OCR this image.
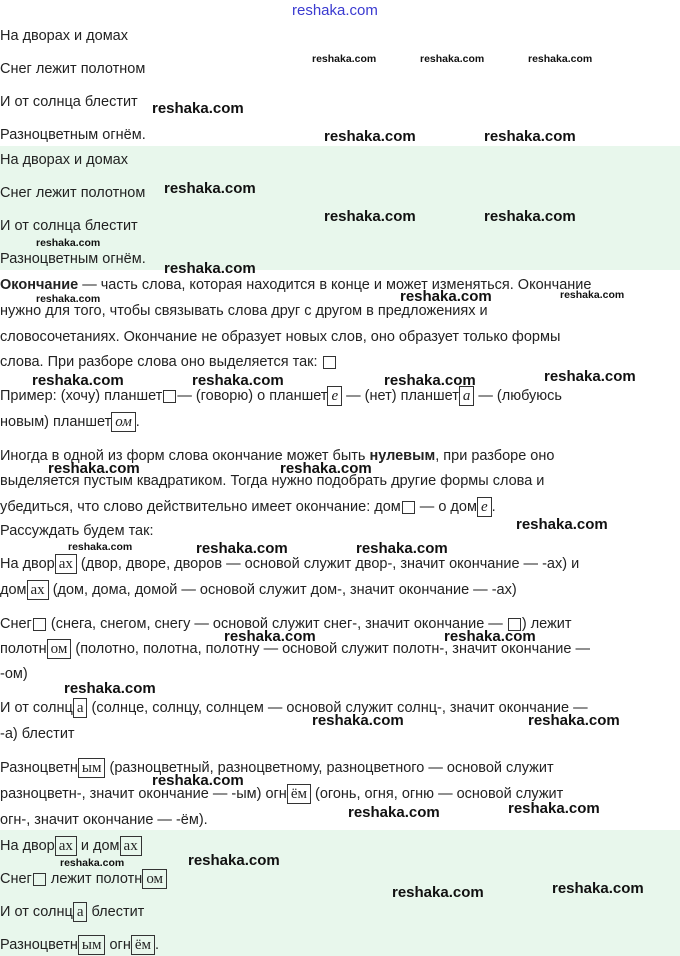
reshaka.com
На дворах и домах
Снег лежит полотном
И от солнца блестит
Разноцветным огнём.
На дворах и домах
Снег лежит полотном
И от солнца блестит
Разноцветным огнём.
Окончание — часть слова, которая находится в конце и может изменяться. Окончание
нужно для того, чтобы связывать слова друг с другом в предложениях и
словосочетаниях. Окончание не образует новых слов, оно образует только формы
слова. При разборе слова оно выделяется так:
Пример: (хочу) планшет — (говорю) о планшет е — (нет) планшет а — (любуюсь
новым) планшет ом .
Иногда в одной из форм слова окончание может быть нулевым, при разборе оно
выделяется пустым квадратиком. Тогда нужно подобрать другие формы слова и
убедиться, что слово действительно имеет окончание: дом — о дом е .
Рассуждать будем так:
На двор ах (двор, дворе, дворов — основой служит двор-, значит окончание — -ах) и
дом ах (дом, дома, домой — основой служит дом-, значит окончание — -ах)
Снег (снега, снегом, снегу — основой служит снег-, значит окончание — ) лежит
полотн ом (полотно, полотна, полотну — основой служит полотн-, значит окончание —
-ом)
И от солнц а (солнце, солнцу, солнцем — основой служит солнц-, значит окончание —
-а) блестит
Разноцветн ым (разноцветный, разноцветному, разноцветного — основой служит
разноцветн-, значит окончание — -ым) огн ём (огонь, огня, огню — основой служит
огн-, значит окончание — -ём).
На двор ах и дом ах
Снег лежит полотн ом
И от солнц а блестит
Разноцветн ым огн ём .
reshaka.com	reshaka.com	reshaka.com
reshaka.com
reshaka.com	reshaka.com
reshaka.com
reshaka.com	reshaka.com
reshaka.com
reshaka.com
reshaka.com	reshaka.com	reshaka.com
reshaka.com	reshaka.com	reshaka.com	reshaka.com
reshaka.com	reshaka.com
reshaka.com
reshaka.com	reshaka.com	reshaka.com
reshaka.com	reshaka.com
reshaka.com
reshaka.com	reshaka.com
reshaka.com
reshaka.com
reshaka.com
reshaka.com	reshaka.com
reshaka.com	reshaka.com
